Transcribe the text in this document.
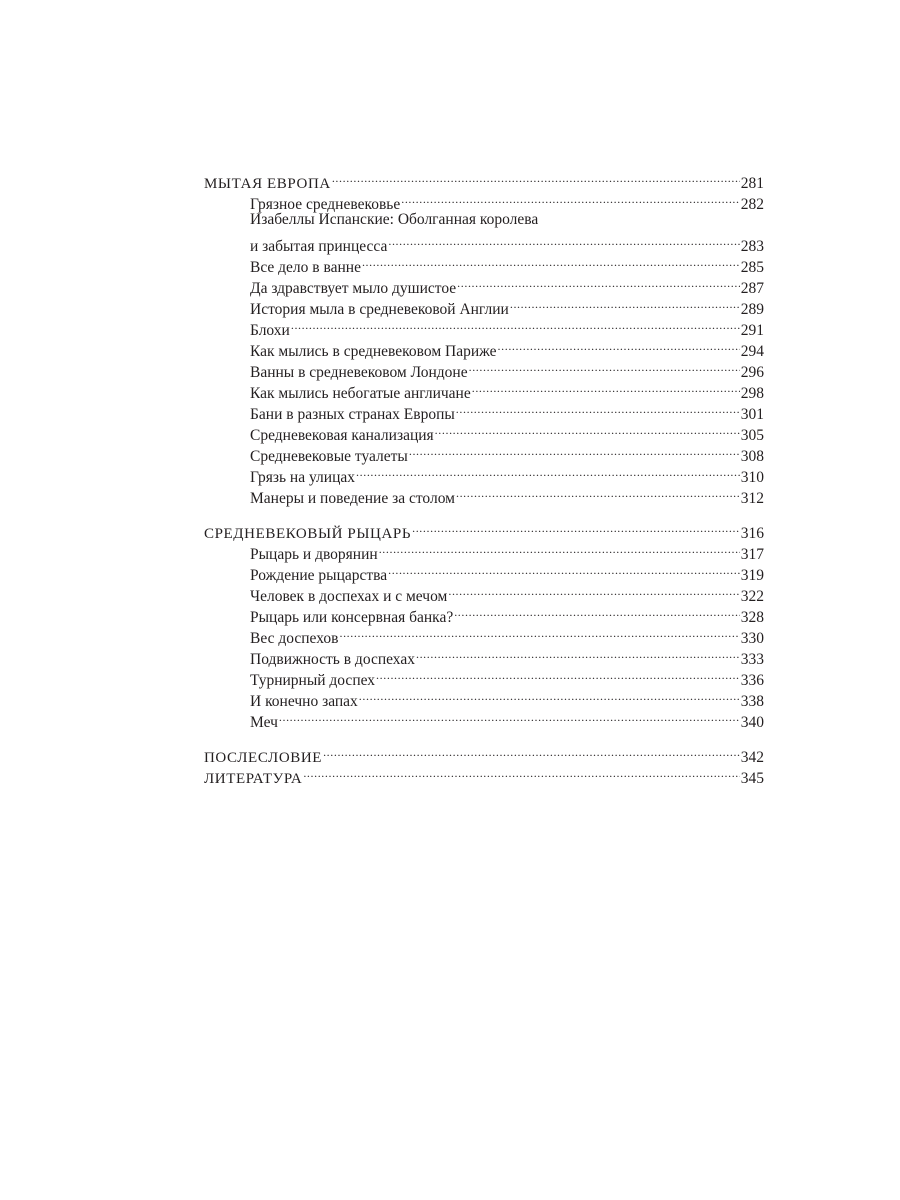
МЫТАЯ ЕВРОПА .....	281
Грязное средневековье .....	282
Изабеллы Испанские: Оболганная королева
и забытая принцесса .....	283
Все дело в ванне .....	285
Да здравствует мыло душистое .....	287
История мыла в средневековой Англии .....	289
Блохи .....	291
Как мылись в средневековом Париже .....	294
Ванны в средневековом Лондоне .....	296
Как мылись небогатые англичане .....	298
Бани в разных странах Европы .....	301
Средневековая канализация .....	305
Средневековые туалеты .....	308
Грязь на улицах .....	310
Манеры и поведение за столом .....	312
СРЕДНЕВЕКОВЫЙ РЫЦАРЬ .....	316
Рыцарь и дворянин .....	317
Рождение рыцарства .....	319
Человек в доспехах и с мечом .....	322
Рыцарь или консервная банка? .....	328
Вес доспехов .....	330
Подвижность в доспехах .....	333
Турнирный доспех .....	336
И конечно запах .....	338
Меч .....	340
ПОСЛЕСЛОВИЕ .....	342
ЛИТЕРАТУРА .....	345
